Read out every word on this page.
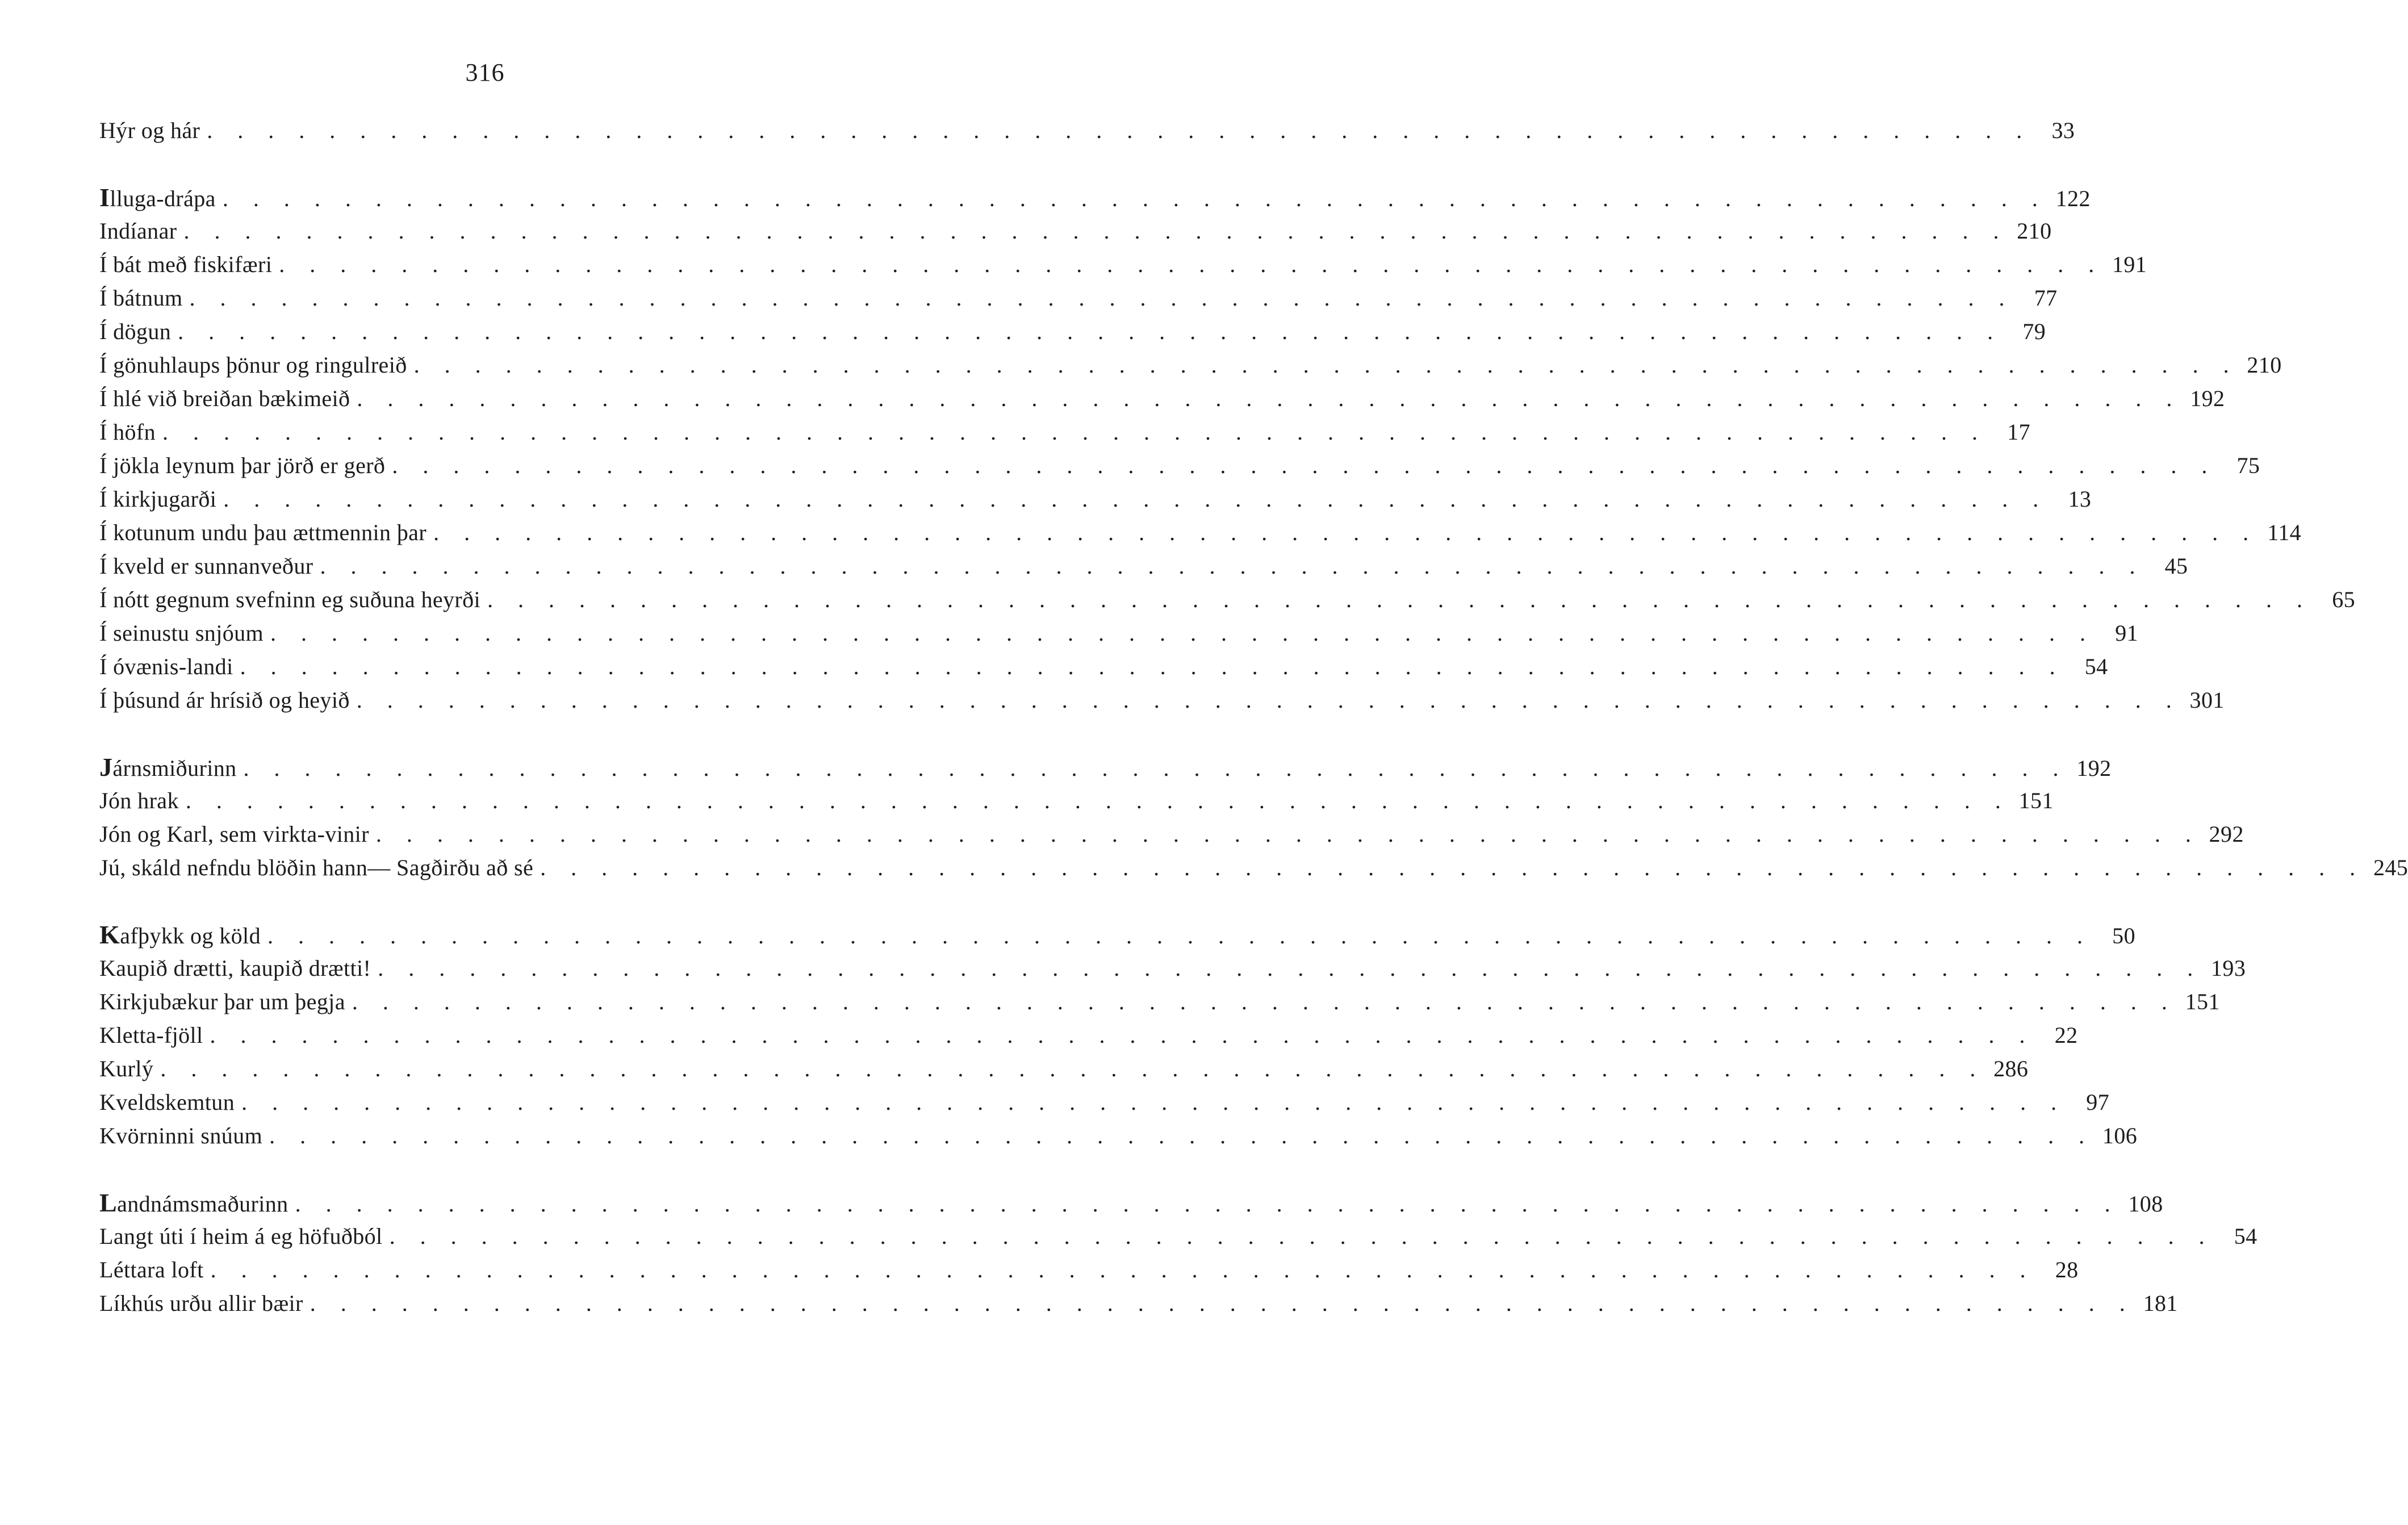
316
Hýr og hár . . . . . . . . . . . . . . . . . . . . . . . . . . . . . . . . . . . . . . . . . . . . . . . . . . . . . . . . . . . . 33
Illuga-drápa . . . . . . . . . . . . . . . . . . . . . . . . . . . . . . . . . . . . . . . . . . . . . . . . . . . . . . . . . . . . 122
Indíanar . . . . . . . . . . . . . . . . . . . . . . . . . . . . . . . . . . . . . . . . . . . . . . . . . . . . . . . . . . . . 210
Í bát með fiskifæri . . . . . . . . . . . . . . . . . . . . . . . . . . . . . . . . . . . . . . . . . . . . . . . . . . . . . . . . . . . . 191
Í bátnum . . . . . . . . . . . . . . . . . . . . . . . . . . . . . . . . . . . . . . . . . . . . . . . . . . . . . . . . . . . . 77
Í dögun . . . . . . . . . . . . . . . . . . . . . . . . . . . . . . . . . . . . . . . . . . . . . . . . . . . . . . . . . . . . 79
Í gönuhlaups þönur og ringulreið . . . . . . . . . . . . . . . . . . . . . . . . . . . . . . . . . . . . . . . . . . . . . . . . . . . . . . . . . . . . 210
Í hlé við breiðan bækimeið . . . . . . . . . . . . . . . . . . . . . . . . . . . . . . . . . . . . . . . . . . . . . . . . . . . . . . . . . . . . 192
Í höfn . . . . . . . . . . . . . . . . . . . . . . . . . . . . . . . . . . . . . . . . . . . . . . . . . . . . . . . . . . . . 17
Í jökla leynum þar jörð er gerð . . . . . . . . . . . . . . . . . . . . . . . . . . . . . . . . . . . . . . . . . . . . . . . . . . . . . . . . . . . . 75
Í kirkjugarði . . . . . . . . . . . . . . . . . . . . . . . . . . . . . . . . . . . . . . . . . . . . . . . . . . . . . . . . . . . . 13
Í kotunum undu þau ættmennin þar . . . . . . . . . . . . . . . . . . . . . . . . . . . . . . . . . . . . . . . . . . . . . . . . . . . . . . . . . . . . 114
Í kveld er sunnanveður . . . . . . . . . . . . . . . . . . . . . . . . . . . . . . . . . . . . . . . . . . . . . . . . . . . . . . . . . . . . 45
Í nótt gegnum svefninn eg suðuna heyrði . . . . . . . . . . . . . . . . . . . . . . . . . . . . . . . . . . . . . . . . . . . . . . . . . . . . . . . . . . . . 65
Í seinustu snjóum . . . . . . . . . . . . . . . . . . . . . . . . . . . . . . . . . . . . . . . . . . . . . . . . . . . . . . . . . . . . 91
Í óvænis-landi . . . . . . . . . . . . . . . . . . . . . . . . . . . . . . . . . . . . . . . . . . . . . . . . . . . . . . . . . . . . 54
Í þúsund ár hrísið og heyið . . . . . . . . . . . . . . . . . . . . . . . . . . . . . . . . . . . . . . . . . . . . . . . . . . . . . . . . . . . . 301
Járnsmiðurinn . . . . . . . . . . . . . . . . . . . . . . . . . . . . . . . . . . . . . . . . . . . . . . . . . . . . . . . . . . . . 192
Jón hrak . . . . . . . . . . . . . . . . . . . . . . . . . . . . . . . . . . . . . . . . . . . . . . . . . . . . . . . . . . . . 151
Jón og Karl, sem virkta-vinir . . . . . . . . . . . . . . . . . . . . . . . . . . . . . . . . . . . . . . . . . . . . . . . . . . . . . . . . . . . . 292
Jú, skáld nefndu blöðin hann— Sagðirðu að sé . . . . . . . . . . . . . . . . . . . . . . . . . . . . . . . . . . . . . . . . . . . . . . . . . . . . . . . . . . . . 245
Kafþykk og köld . . . . . . . . . . . . . . . . . . . . . . . . . . . . . . . . . . . . . . . . . . . . . . . . . . . . . . . . . . . . 50
Kaupið drætti, kaupið drætti! . . . . . . . . . . . . . . . . . . . . . . . . . . . . . . . . . . . . . . . . . . . . . . . . . . . . . . . . . . . . 193
Kirkjubækur þar um þegja . . . . . . . . . . . . . . . . . . . . . . . . . . . . . . . . . . . . . . . . . . . . . . . . . . . . . . . . . . . . 151
Kletta-fjöll . . . . . . . . . . . . . . . . . . . . . . . . . . . . . . . . . . . . . . . . . . . . . . . . . . . . . . . . . . . . 22
Kurlý . . . . . . . . . . . . . . . . . . . . . . . . . . . . . . . . . . . . . . . . . . . . . . . . . . . . . . . . . . . . 286
Kveldskemtun . . . . . . . . . . . . . . . . . . . . . . . . . . . . . . . . . . . . . . . . . . . . . . . . . . . . . . . . . . . . 97
Kvörninni snúum . . . . . . . . . . . . . . . . . . . . . . . . . . . . . . . . . . . . . . . . . . . . . . . . . . . . . . . . . . . . 106
Landnámsmaðurinn . . . . . . . . . . . . . . . . . . . . . . . . . . . . . . . . . . . . . . . . . . . . . . . . . . . . . . . . . . . . 108
Langt úti í heim á eg höfuðból . . . . . . . . . . . . . . . . . . . . . . . . . . . . . . . . . . . . . . . . . . . . . . . . . . . . . . . . . . . . 54
Léttara loft . . . . . . . . . . . . . . . . . . . . . . . . . . . . . . . . . . . . . . . . . . . . . . . . . . . . . . . . . . . . 28
Líkhús urðu allir bæir . . . . . . . . . . . . . . . . . . . . . . . . . . . . . . . . . . . . . . . . . . . . . . . . . . . . . . . . . . . . 181
